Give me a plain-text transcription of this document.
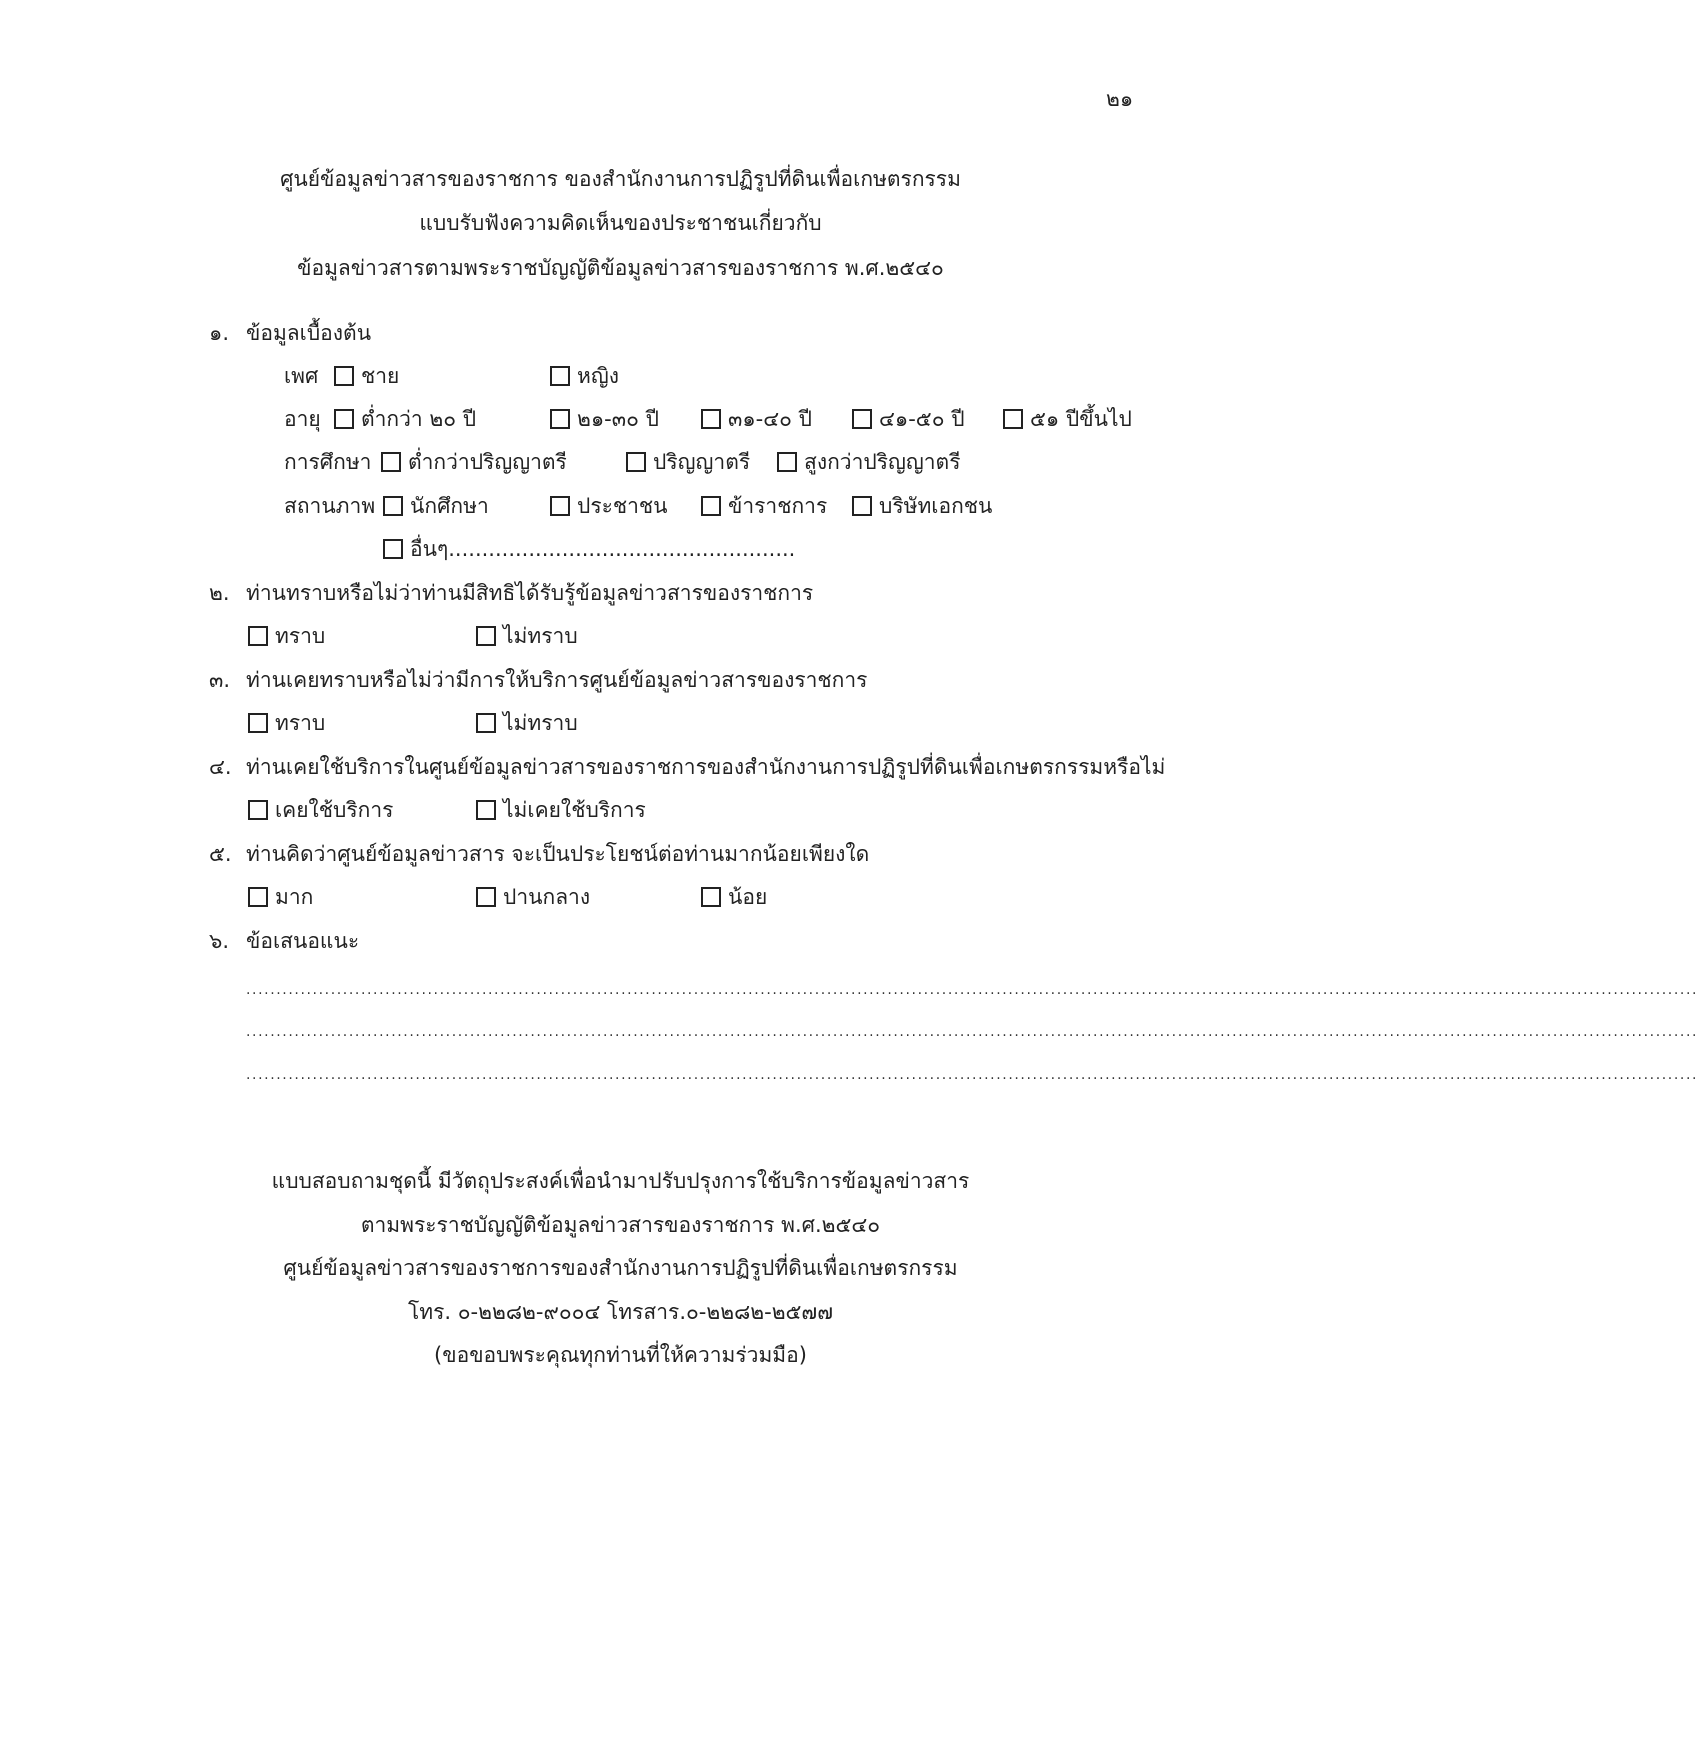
๒๑
ศูนย์ข้อมูลข่าวสารของราชการ ของสำนักงานการปฏิรูปที่ดินเพื่อเกษตรกรรม
แบบรับฟังความคิดเห็นของประชาชนเกี่ยวกับ
ข้อมูลข่าวสารตามพระราชบัญญัติข้อมูลข่าวสารของราชการ พ.ศ.๒๕๔๐
๑. ข้อมูลเบื้องต้น
เพศ	ชาย	หญิง
อายุ	ต่ำกว่า ๒๐ ปี	๒๑-๓๐ ปี	๓๑-๔๐ ปี	๔๑-๕๐ ปี	๕๑ ปีขึ้นไป
การศึกษา	ต่ำกว่าปริญญาตรี	ปริญญาตรี	สูงกว่าปริญญาตรี
สถานภาพ	นักศึกษา	ประชาชน	ข้าราชการ	บริษัทเอกชน
อื่นๆ....................................................
๒. ท่านทราบหรือไม่ว่าท่านมีสิทธิได้รับรู้ข้อมูลข่าวสารของราชการ
ทราบ	ไม่ทราบ
๓. ท่านเคยทราบหรือไม่ว่ามีการให้บริการศูนย์ข้อมูลข่าวสารของราชการ
ทราบ	ไม่ทราบ
๔. ท่านเคยใช้บริการในศูนย์ข้อมูลข่าวสารของราชการของสำนักงานการปฏิรูปที่ดินเพื่อเกษตรกรรมหรือไม่
เคยใช้บริการ	ไม่เคยใช้บริการ
๕. ท่านคิดว่าศูนย์ข้อมูลข่าวสาร จะเป็นประโยชน์ต่อท่านมากน้อยเพียงใด
มาก	ปานกลาง	น้อย
๖. ข้อเสนอแนะ
................................................................................................................................................................................................................................................
................................................................................................................................................................................................................................................
................................................................................................................................................................................................................................................
แบบสอบถามชุดนี้ มีวัตถุประสงค์เพื่อนำมาปรับปรุงการใช้บริการข้อมูลข่าวสาร
ตามพระราชบัญญัติข้อมูลข่าวสารของราชการ พ.ศ.๒๕๔๐
ศูนย์ข้อมูลข่าวสารของราชการของสำนักงานการปฏิรูปที่ดินเพื่อเกษตรกรรม
โทร. ๐-๒๒๘๒-๙๐๐๔ โทรสาร.๐-๒๒๘๒-๒๕๗๗
(ขอขอบพระคุณทุกท่านที่ให้ความร่วมมือ)
